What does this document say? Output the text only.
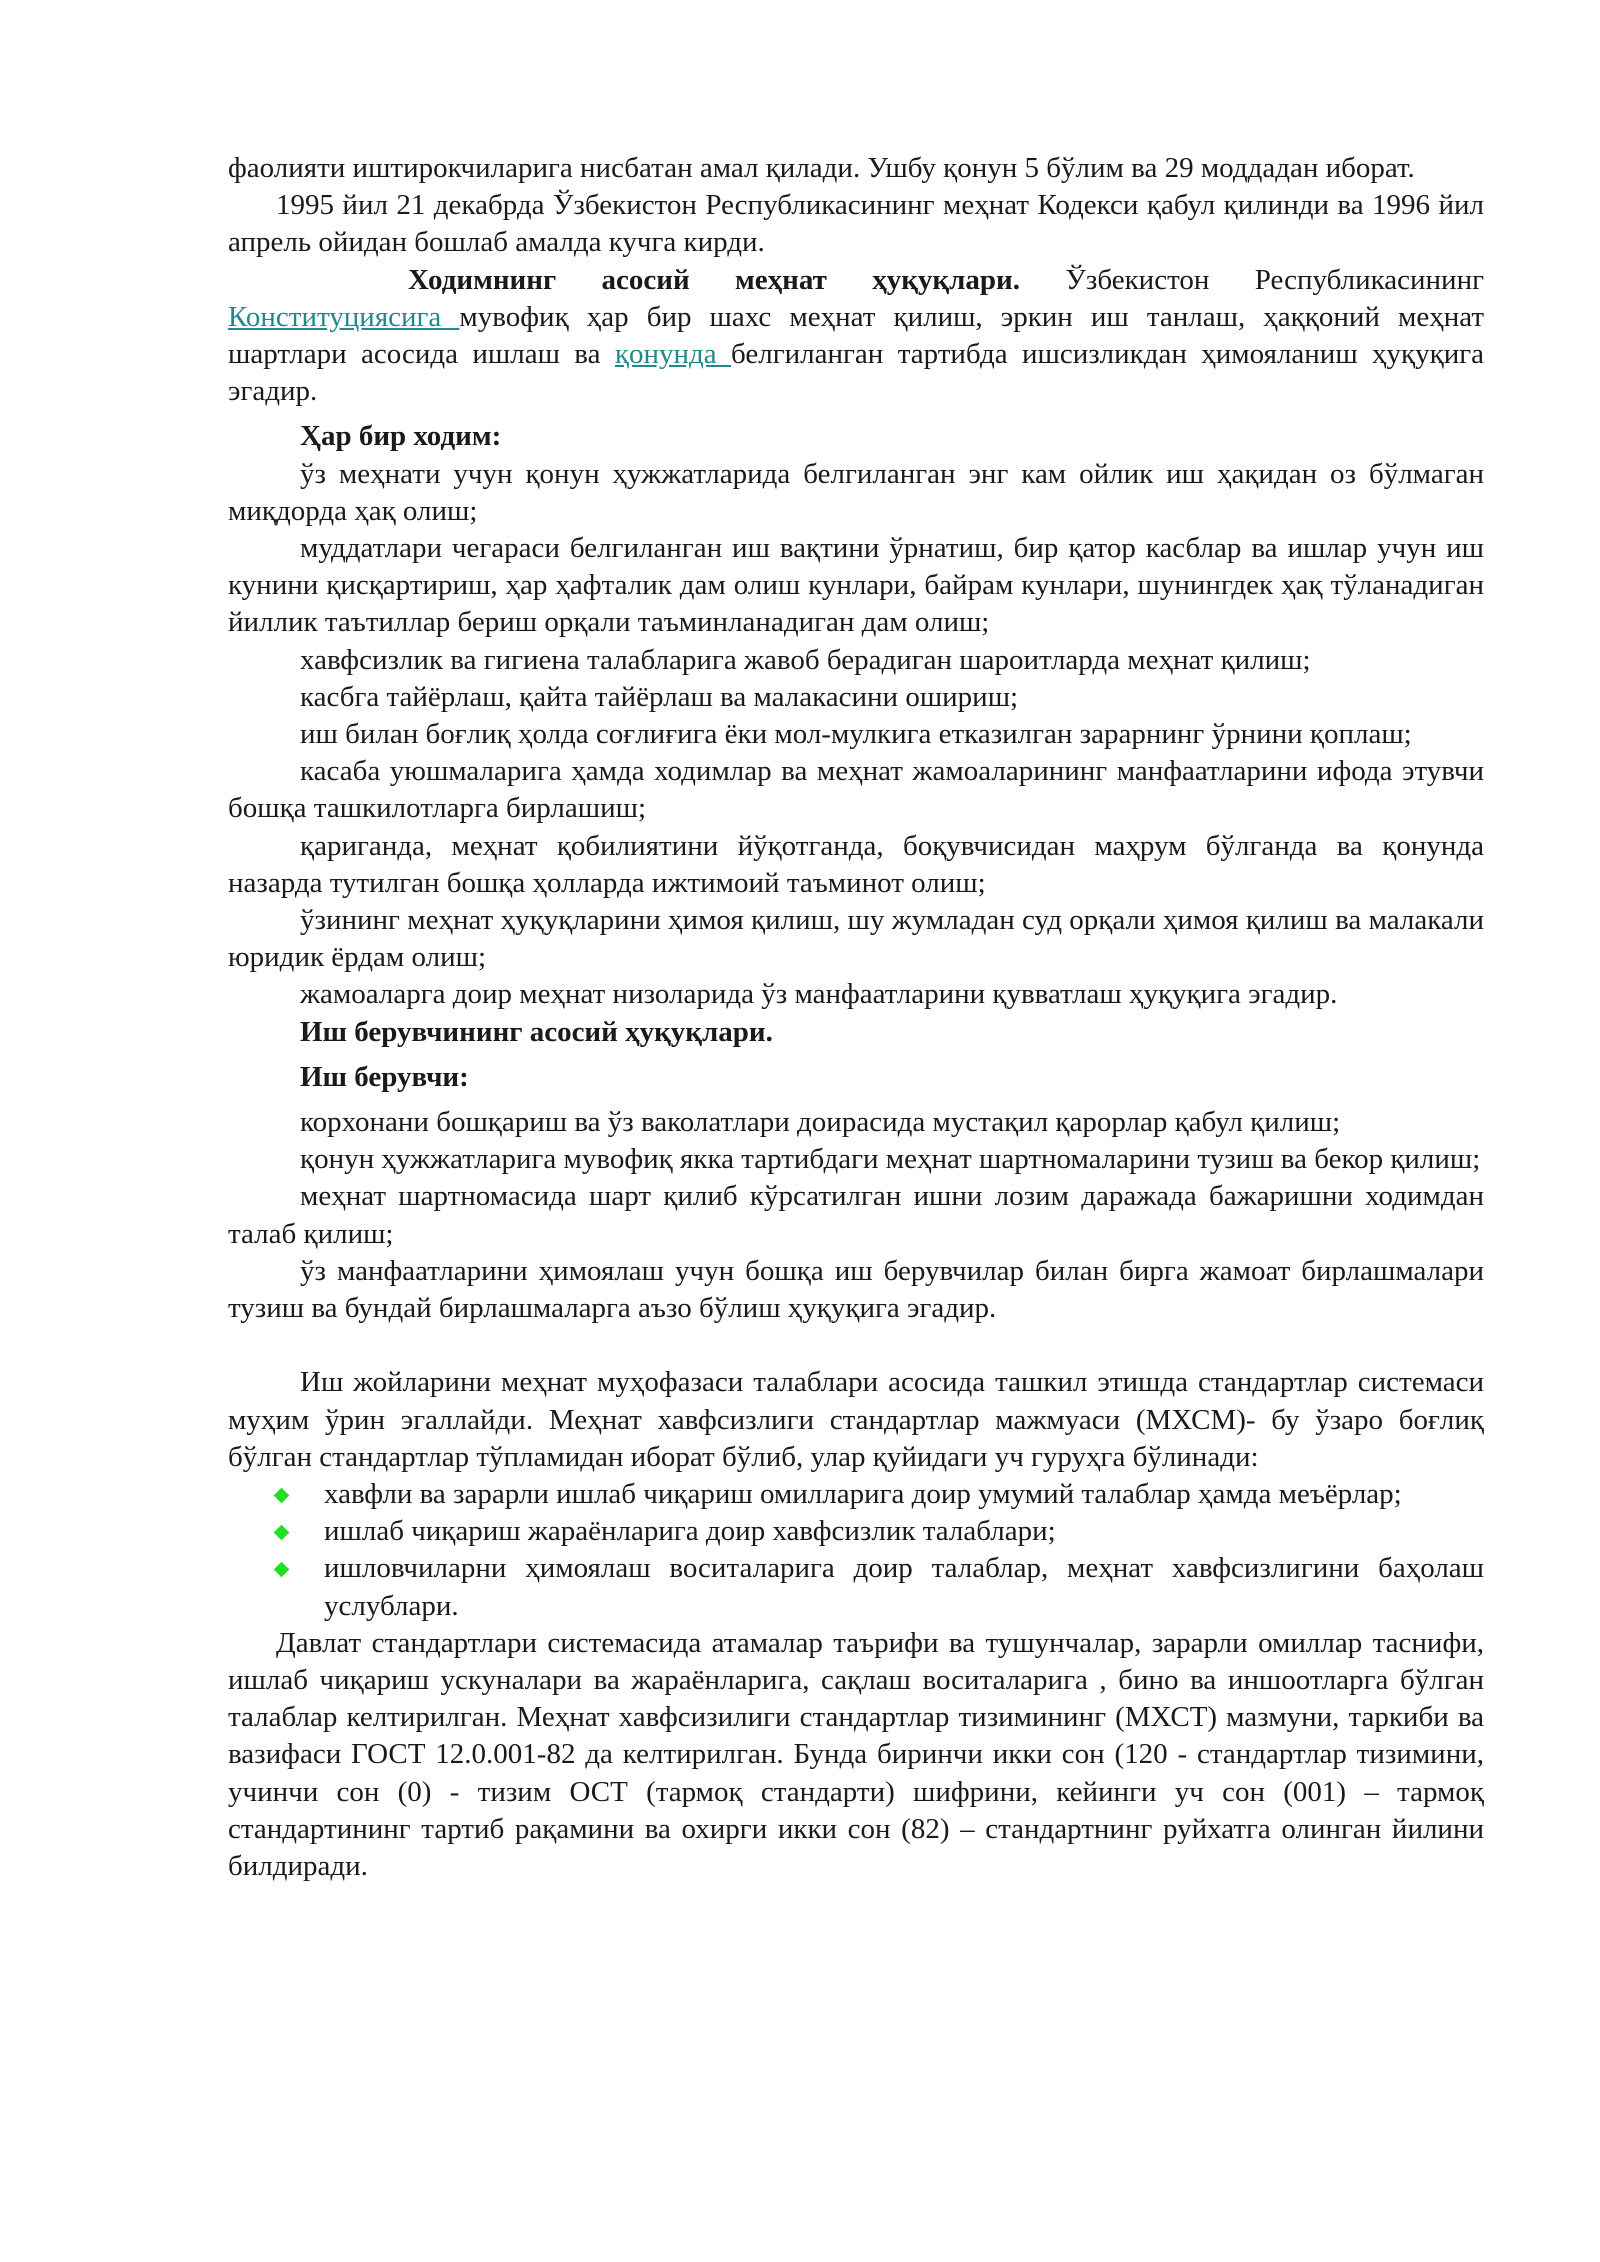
фаолияти иштирокчиларига нисбатан амал қилади. Ушбу қонун 5 бўлим ва 29 моддадан иборат.

1995 йил 21 декабрда Ўзбекистон Республикасининг меҳнат Кодекси қабул қилинди ва 1996 йил апрель ойидан бошлаб амалда кучга кирди.

Ходимнинг асосий меҳнат ҳуқуқлари. Ўзбекистон Республикасининг Конституциясига мувофиқ ҳар бир шахс меҳнат қилиш, эркин иш танлаш, ҳаққоний меҳнат шартлари асосида ишлаш ва қонунда белгиланган тартибда ишсизликдан ҳимояланиш ҳуқуқига эгадир.

Ҳар бир ходим:

ўз меҳнати учун қонун ҳужжатларида белгиланган энг кам ойлик иш ҳақидан оз бўлмаган миқдорда ҳақ олиш;

муддатлари чегараси белгиланган иш вақтини ўрнатиш, бир қатор касблар ва ишлар учун иш кунини қисқартириш, ҳар ҳафталик дам олиш кунлари, байрам кунлари, шунингдек ҳақ тўланадиган йиллик таътиллар бериш орқали таъминланадиган дам олиш;

хавфсизлик ва гигиена талабларига жавоб берадиган шароитларда меҳнат қилиш;

касбга тайёрлаш, қайта тайёрлаш ва малакасини ошириш;

иш билан боғлиқ ҳолда соғлиғига ёки мол-мулкига етказилган зарарнинг ўрнини қоплаш;

касаба уюшмаларига ҳамда ходимлар ва меҳнат жамоаларининг манфаатларини ифода этувчи бошқа ташкилотларга бирлашиш;

қариганда, меҳнат қобилиятини йўқотганда, боқувчисидан маҳрум бўлганда ва қонунда назарда тутилган бошқа ҳолларда ижтимоий таъминот олиш;

ўзининг меҳнат ҳуқуқларини ҳимоя қилиш, шу жумладан суд орқали ҳимоя қилиш ва малакали юридик ёрдам олиш;

жамоаларга доир меҳнат низоларида ўз манфаатларини қувватлаш ҳуқуқига эгадир.

Иш берувчининг асосий ҳуқуқлари.

Иш берувчи:

корхонани бошқариш ва ўз ваколатлари доирасида мустақил қарорлар қабул қилиш;

қонун ҳужжатларига мувофиқ якка тартибдаги меҳнат шартномаларини тузиш ва бекор қилиш;

меҳнат шартномасида шарт қилиб кўрсатилган ишни лозим даражада бажаришни ходимдан талаб қилиш;

ўз манфаатларини ҳимоялаш учун бошқа иш берувчилар билан бирга жамоат бирлашмалари тузиш ва бундай бирлашмаларга аъзо бўлиш ҳуқуқига эгадир.

Иш жойларини меҳнат муҳофазаси талаблари асосида ташкил этишда стандартлар системаси муҳим ўрин эгаллайди. Меҳнат хавфсизлиги стандартлар мажмуаси (МХСМ)- бу ўзаро боғлиқ бўлган стандартлар тўпламидан иборат бўлиб, улар қуйидаги уч гуруҳга бўлинади:

хавфли ва зарарли ишлаб чиқариш омилларига доир умумий талаблар ҳамда меъёрлар;
ишлаб чиқариш жараёнларига доир хавфсизлик талаблари;
ишловчиларни ҳимоялаш воситаларига доир талаблар, меҳнат хавфсизлигини баҳолаш услублари.

Давлат стандартлари системасида атамалар таърифи ва тушунчалар, зарарли омиллар таснифи, ишлаб чиқариш ускуналари ва жараёнларига, сақлаш воситаларига , бино ва иншоотларга бўлган талаблар келтирилган. Меҳнат хавфсизилиги стандартлар тизимининг (МХСТ) мазмуни, таркиби ва вазифаси ГОСТ 12.0.001-82 да келтирилган. Бунда биринчи икки сон (120 - стандартлар тизимини, учинчи сон (0) - тизим ОСТ (тармоқ стандарти) шифрини, кейинги уч сон (001) – тармоқ стандартининг тартиб рақамини ва охирги икки сон (82) – стандартнинг руйхатга олинган йилини билдиради.
